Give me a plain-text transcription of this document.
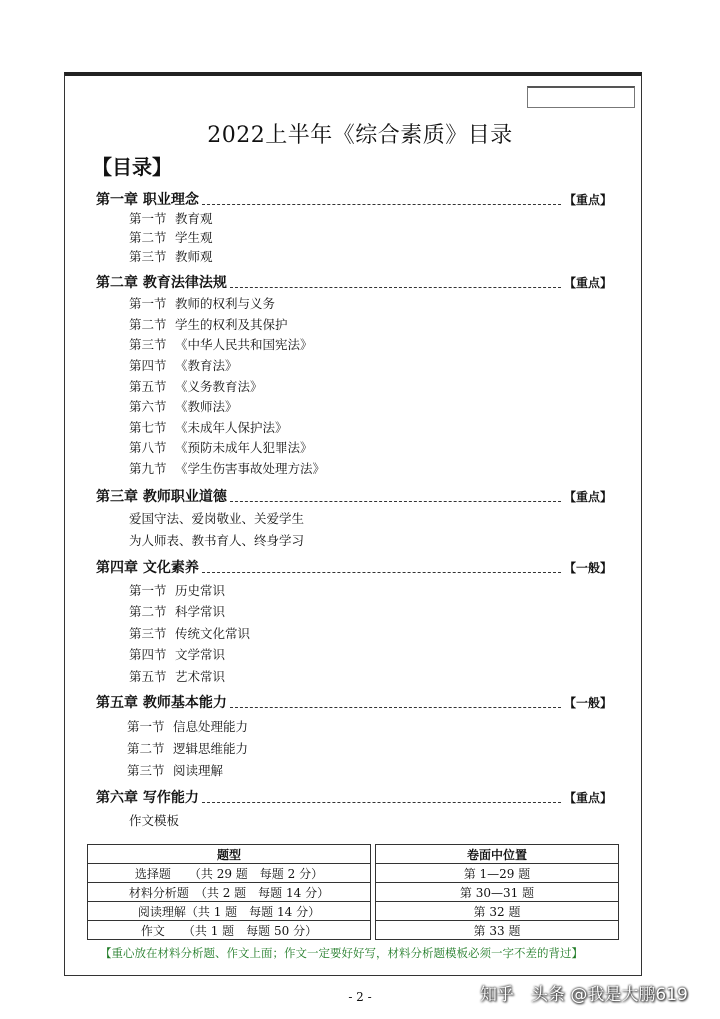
2022上半年《综合素质》目录
【目录】
第一章 职业理念	【重点】
第一节 教育观
第二节 学生观
第三节 教师观
第二章 教育法律法规	【重点】
第一节 教师的权利与义务
第二节 学生的权利及其保护
第三节 《中华人民共和国宪法》
第四节 《教育法》
第五节 《义务教育法》
第六节 《教师法》
第七节 《未成年人保护法》
第八节 《预防未成年人犯罪法》
第九节 《学生伤害事故处理方法》
第三章 教师职业道德	【重点】
爱国守法、爱岗敬业、关爱学生
为人师表、教书育人、终身学习
第四章 文化素养	【一般】
第一节 历史常识
第二节 科学常识
第三节 传统文化常识
第四节 文学常识
第五节 艺术常识
第五章 教师基本能力	【一般】
第一节 信息处理能力
第二节 逻辑思维能力
第三节 阅读理解
第六章 写作能力	【重点】
作文模板
题型		卷面中位置
选择题　　（共 29 题　每题 2 分）		第 1—29 题
材料分析题　（共 2 题　每题 14 分）		第 30—31 题
阅读理解（共 1 题　每题 14 分）		第 32 题
作文　　（共 1 题　每题 50 分）		第 33 题
【重心放在材料分析题、作文上面；作文一定要好好写，材料分析题模板必须一字不差的背过】
- 2 -	知乎　头条 @我是大鹏619
